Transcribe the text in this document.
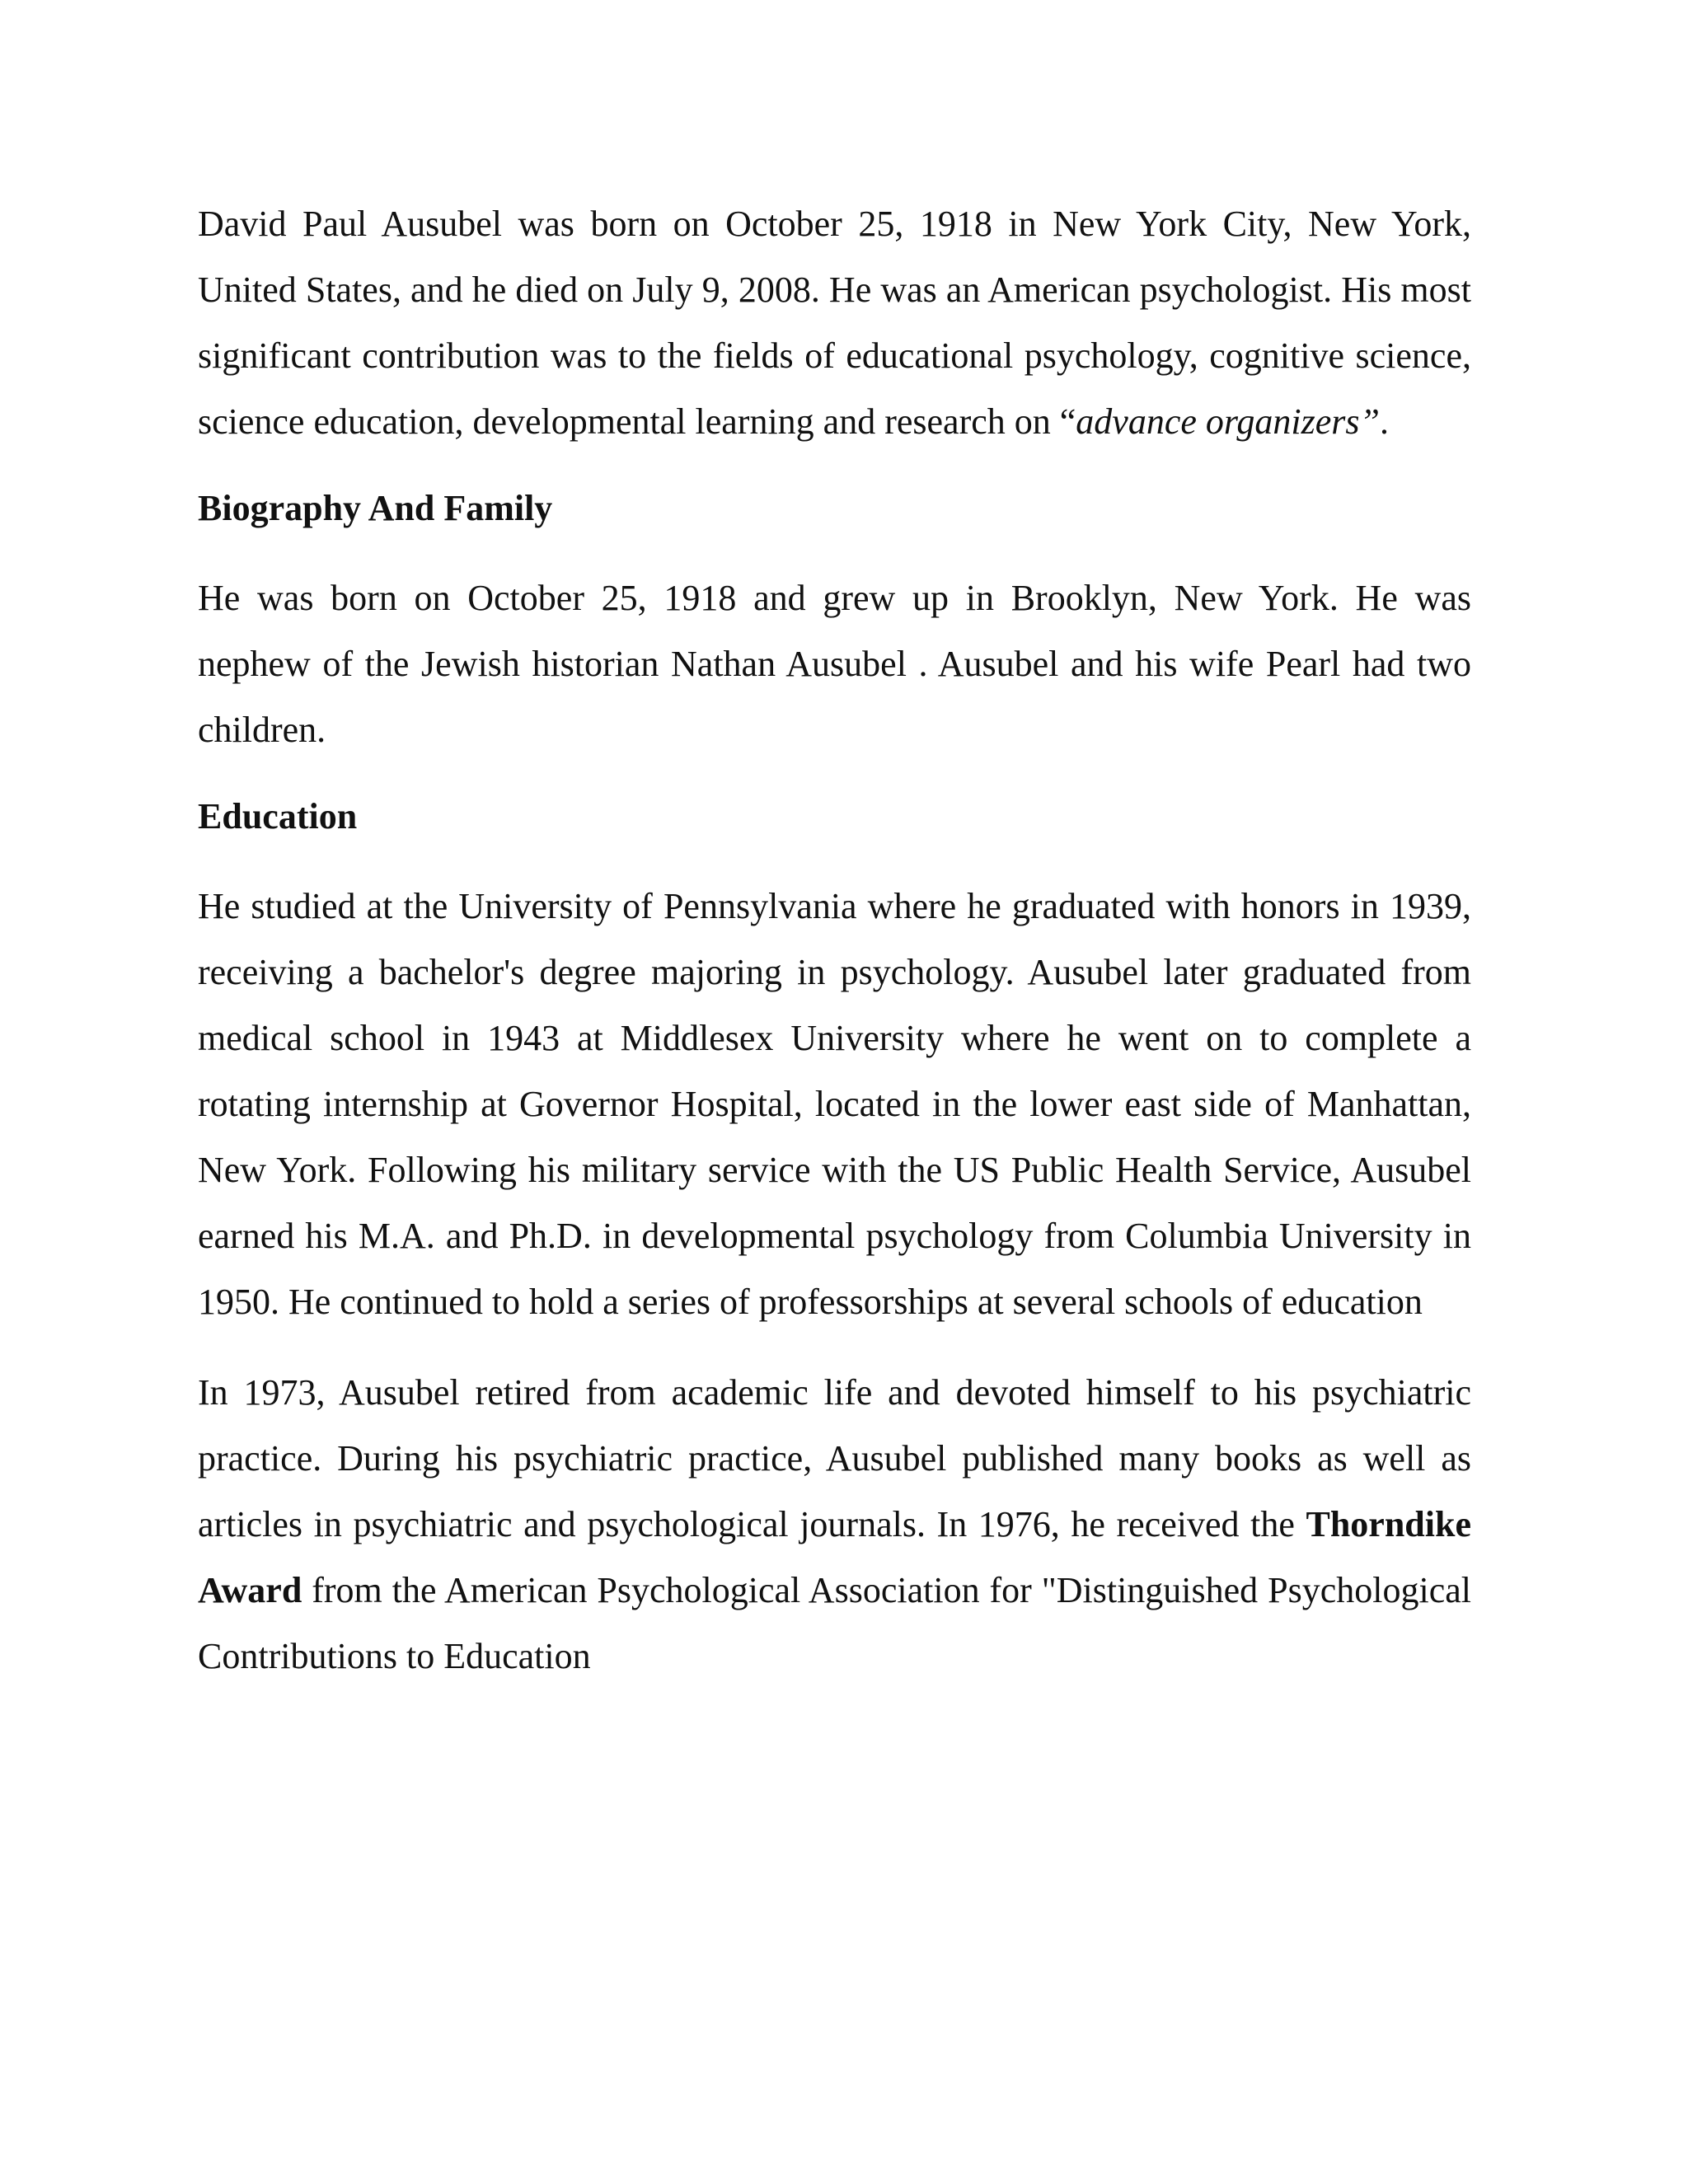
David Paul Ausubel was born on October 25, 1918 in New York City, New York, United States, and he died on July 9, 2008. He was an American psychologist. His most significant contribution was to the fields of educational psychology, cognitive science, science education, developmental learning and research on “advance organizers”.

Biography And Family

He was born on October 25, 1918 and grew up in Brooklyn, New York. He was nephew of the Jewish historian Nathan Ausubel . Ausubel and his wife Pearl had two children.

Education

He studied at the University of Pennsylvania where he graduated with honors in 1939, receiving a bachelor's degree majoring in psychology. Ausubel later graduated from medical school in 1943 at Middlesex University where he went on to complete a rotating internship at Governor Hospital, located in the lower east side of Manhattan, New York. Following his military service with the US Public Health Service, Ausubel earned his M.A. and Ph.D. in developmental psychology from Columbia University in 1950. He continued to hold a series of professorships at several schools of education

In 1973, Ausubel retired from academic life and devoted himself to his psychiatric practice. During his psychiatric practice, Ausubel published many books as well as articles in psychiatric and psychological journals. In 1976, he received the Thorndike Award from the American Psychological Association for "Distinguished Psychological Contributions to Education
